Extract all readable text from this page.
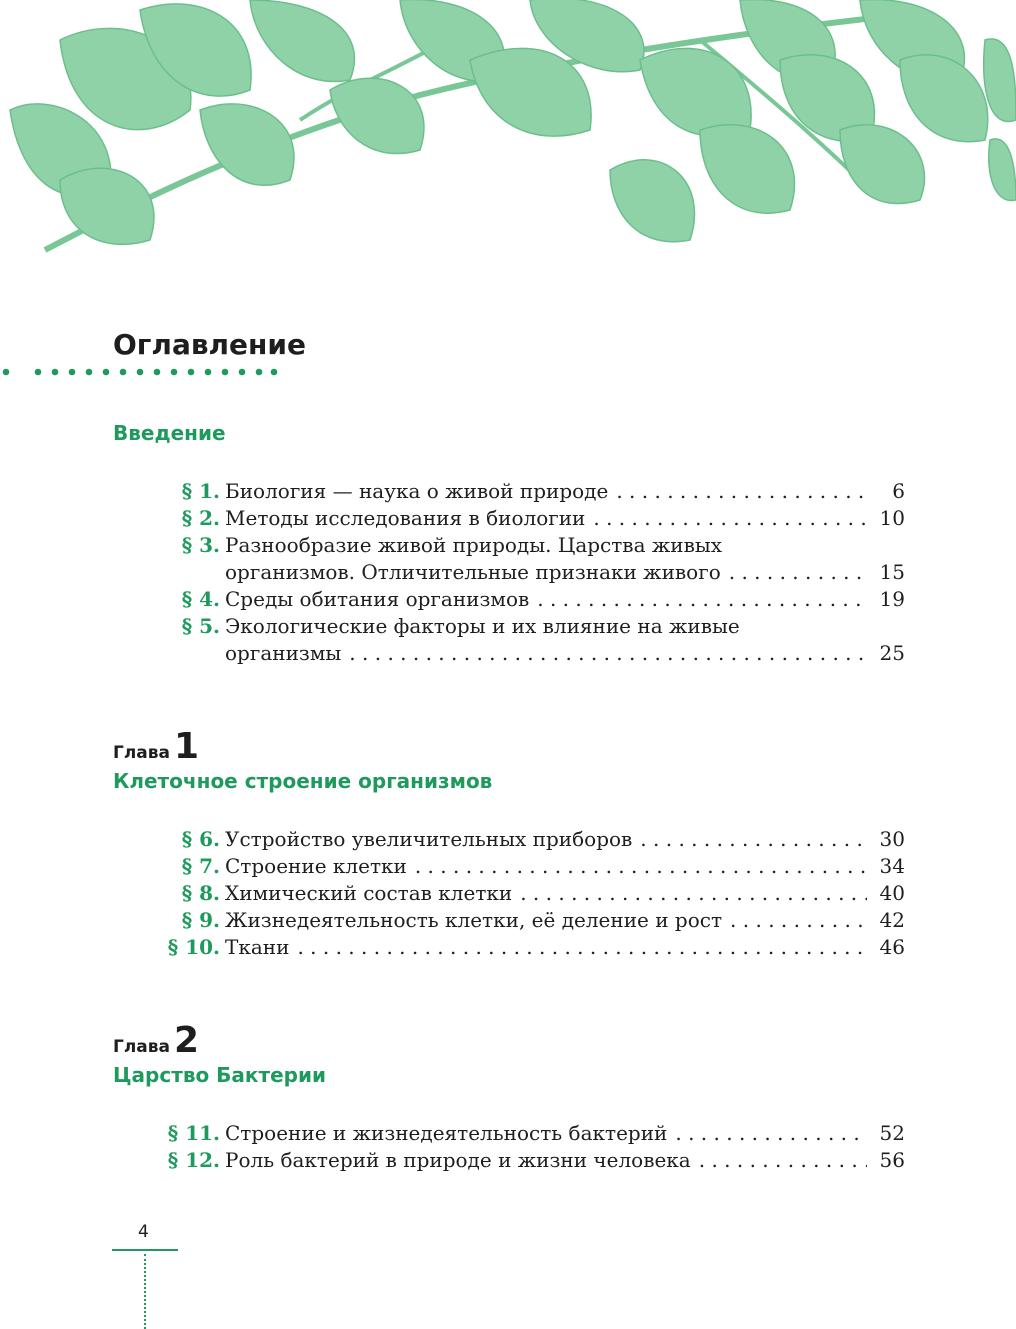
Оглавление
Введение
§ 1. Биология — наука о живой природе . . .	6
§ 2. Методы исследования в биологии . . .	10
§ 3. Разнообразие живой природы. Царства живых
организмов. Отличительные признаки живого . . .	15
§ 4. Среды обитания организмов . . .	19
§ 5. Экологические факторы и их влияние на живые
организмы . . .	25
Глава 1
Клеточное строение организмов
§ 6. Устройство увеличительных приборов . . .	30
§ 7. Строение клетки . . .	34
§ 8. Химический состав клетки . . .	40
§ 9. Жизнедеятельность клетки, её деление и рост . . .	42
§ 10. Ткани . . .	46
Глава 2
Царство Бактерии
§ 11. Строение и жизнедеятельность бактерий . . .	52
§ 12. Роль бактерий в природе и жизни человека . . .	56
4
